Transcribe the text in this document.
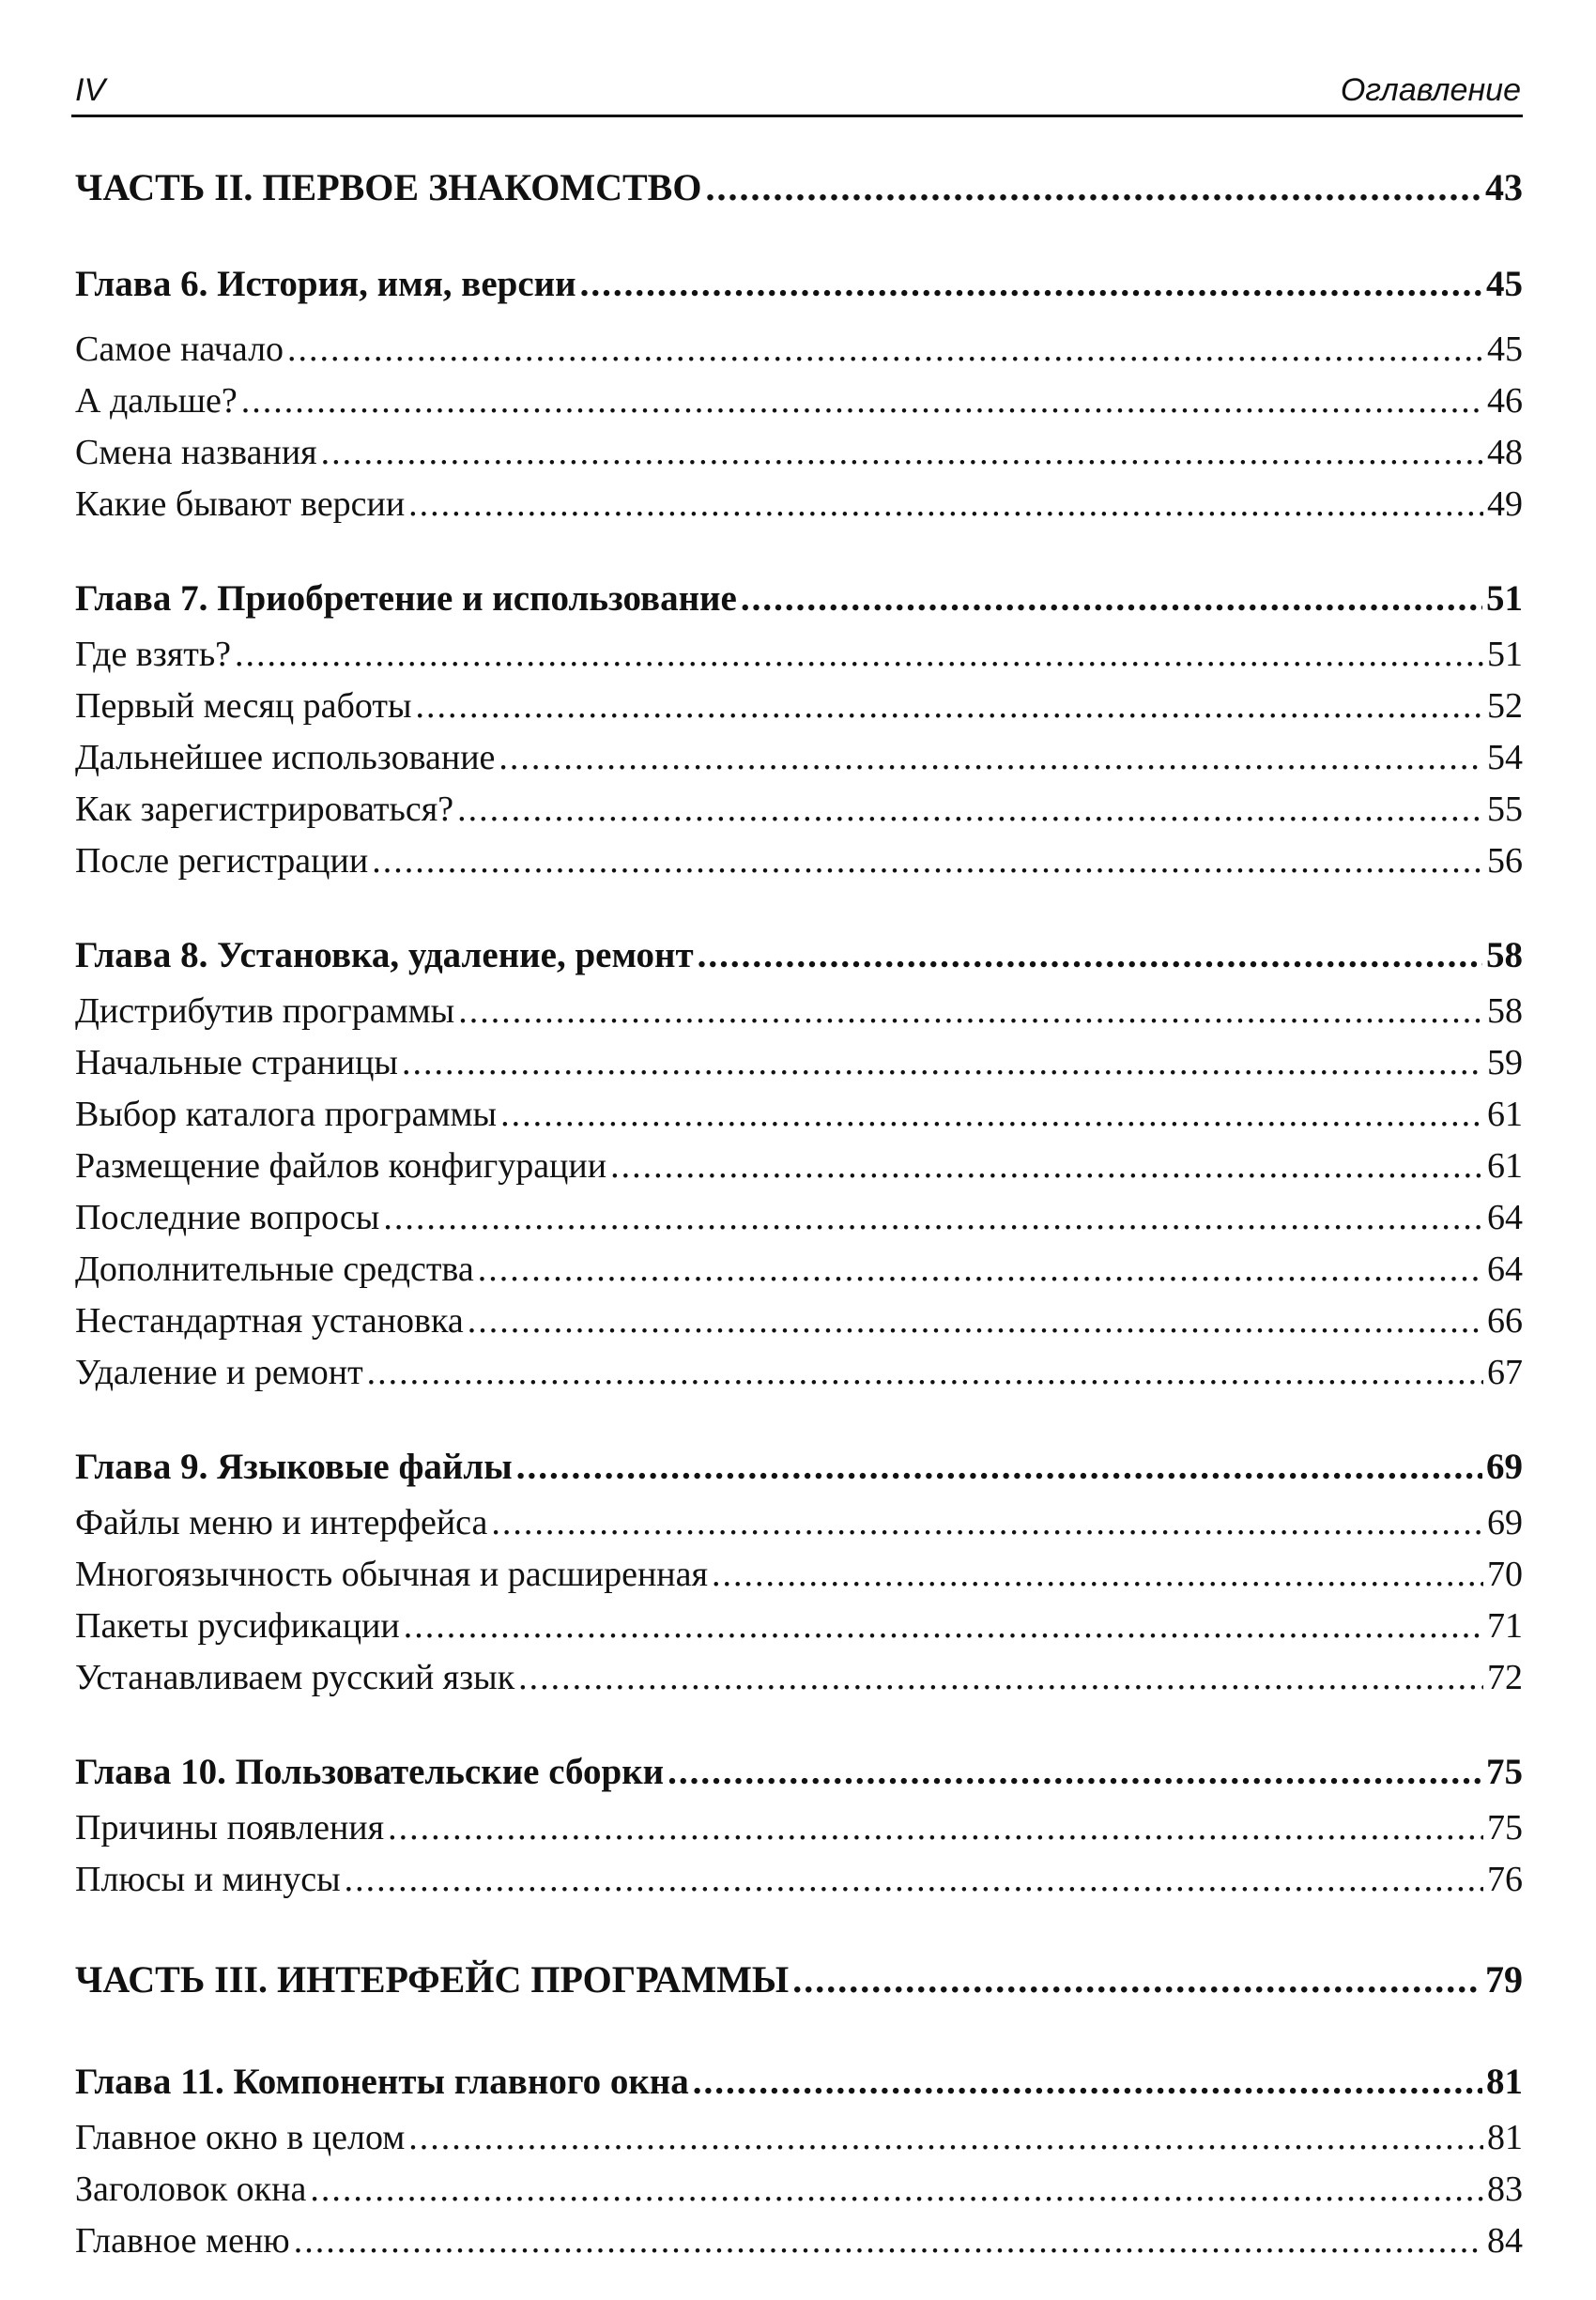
IV	Оглавление
ЧАСТЬ II. ПЕРВОЕ ЗНАКОМСТВО .....	43
Глава 6. История, имя, версии .....	45
Самое начало .....	45
А дальше? .....	46
Смена названия .....	48
Какие бывают версии .....	49
Глава 7. Приобретение и использование .....	51
Где взять? .....	51
Первый месяц работы .....	52
Дальнейшее использование .....	54
Как зарегистрироваться? .....	55
После регистрации .....	56
Глава 8. Установка, удаление, ремонт .....	58
Дистрибутив программы .....	58
Начальные страницы .....	59
Выбор каталога программы .....	61
Размещение файлов конфигурации .....	61
Последние вопросы .....	64
Дополнительные средства .....	64
Нестандартная установка .....	66
Удаление и ремонт .....	67
Глава 9. Языковые файлы .....	69
Файлы меню и интерфейса .....	69
Многоязычность обычная и расширенная .....	70
Пакеты русификации .....	71
Устанавливаем русский язык .....	72
Глава 10. Пользовательские сборки .....	75
Причины появления .....	75
Плюсы и минусы .....	76
ЧАСТЬ III. ИНТЕРФЕЙС ПРОГРАММЫ .....	79
Глава 11. Компоненты главного окна .....	81
Главное окно в целом .....	81
Заголовок окна .....	83
Главное меню .....	84
